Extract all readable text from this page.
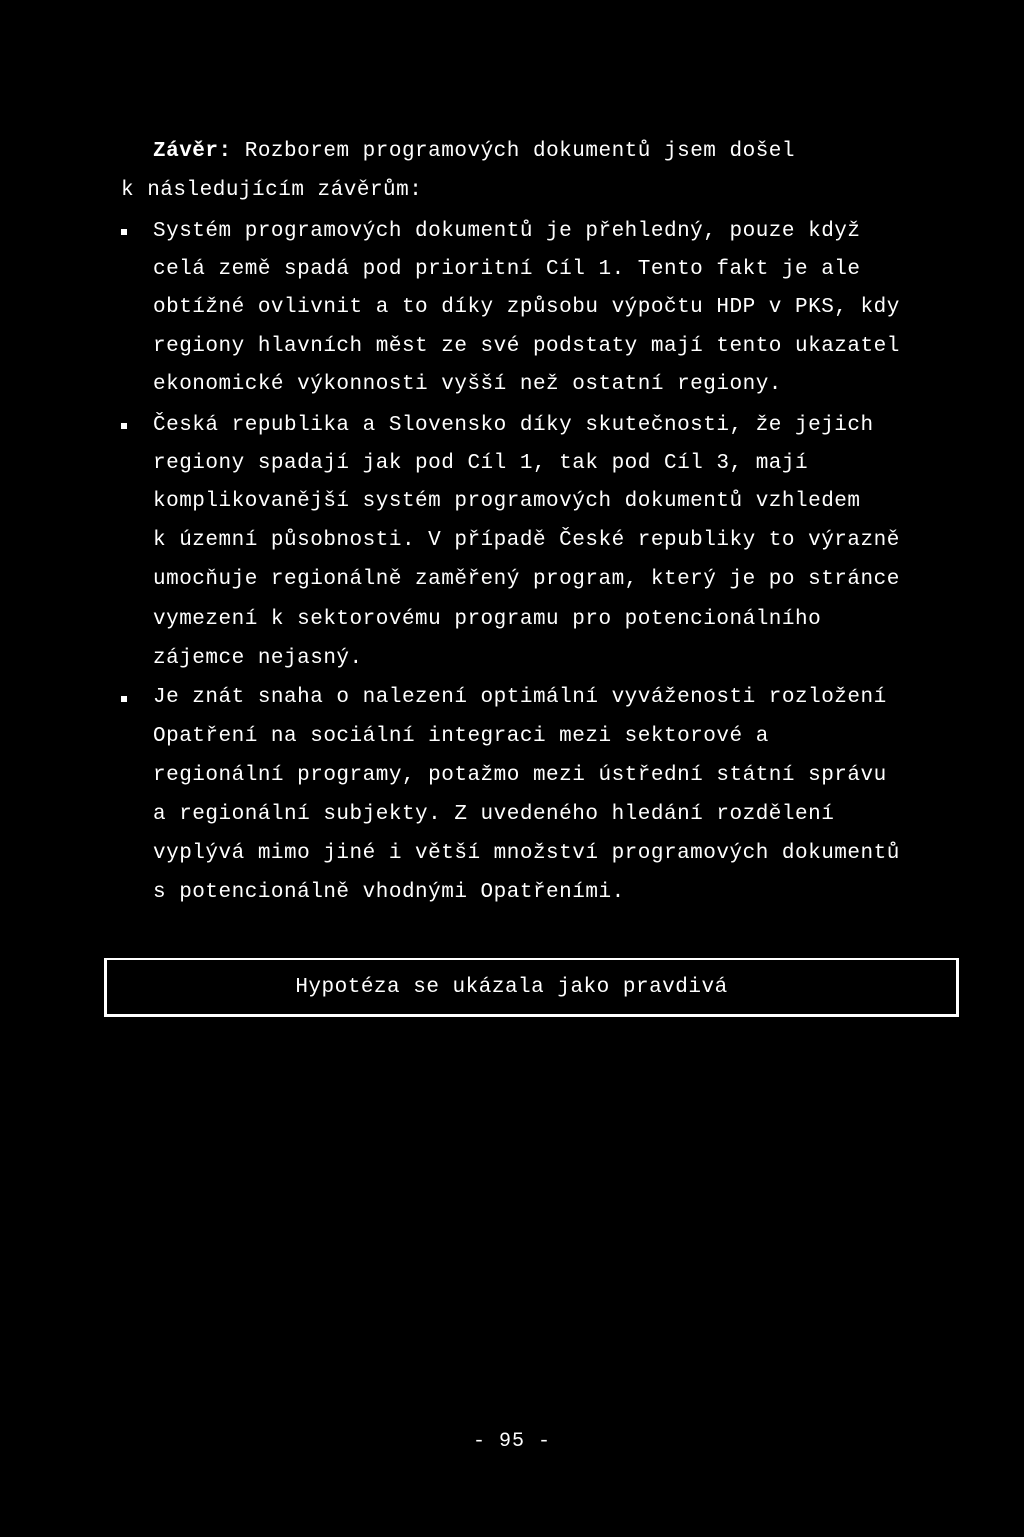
Závěr: Rozborem programových dokumentů jsem došel
k následujícím závěrům:
Systém programových dokumentů je přehledný, pouze když
celá země spadá pod prioritní Cíl 1. Tento fakt je ale
obtížné ovlivnit a to díky způsobu výpočtu HDP v PKS, kdy
regiony hlavních měst ze své podstaty mají tento ukazatel
ekonomické výkonnosti vyšší než ostatní regiony.
Česká republika a Slovensko díky skutečnosti, že jejich
regiony spadají jak pod Cíl 1, tak pod Cíl 3, mají
komplikovanější systém programových dokumentů vzhledem
k územní působnosti. V případě České republiky to výrazně
umocňuje regionálně zaměřený program, který je po stránce
vymezení k sektorovému programu pro potencionálního
zájemce nejasný.
Je znát snaha o nalezení optimální vyváženosti rozložení
Opatření na sociální integraci mezi sektorové a
regionální programy, potažmo mezi ústřední státní správu
a regionální subjekty. Z uvedeného hledání rozdělení
vyplývá mimo jiné i větší množství programových dokumentů
s potencionálně vhodnými Opatřeními.
Hypotéza se ukázala jako pravdivá
- 95 -
